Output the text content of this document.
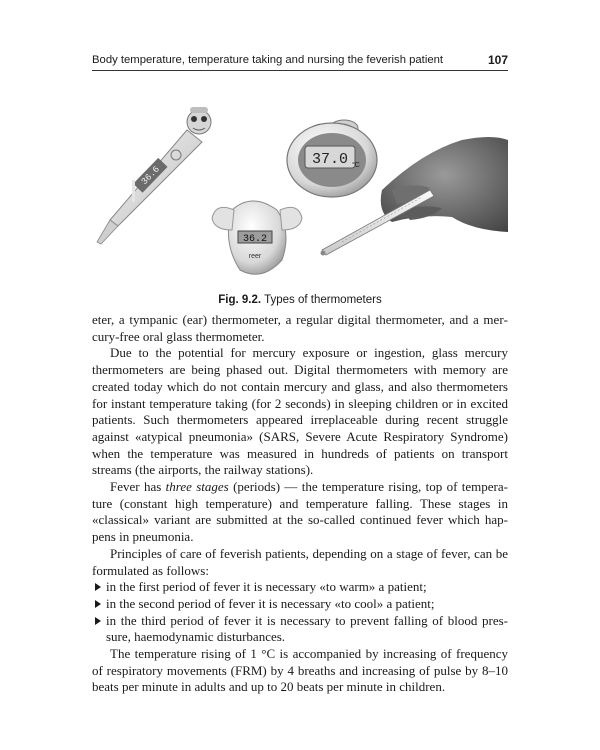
Body temperature, temperature taking and nursing the feverish patient	107
36.6
37.0 °C
36.2
reer
Fig. 9.2. Types of thermometers

eter, a tympanic (ear) thermometer, a regular digital thermometer, and a mercury-free oral glass thermometer.

Due to the potential for mercury exposure or ingestion, glass mercury thermometers are being phased out. Digital thermometers with memory are created today which do not contain mercury and glass, and also thermometers for instant temperature taking (for 2 seconds) in sleeping children or in excited patients. Such thermometers appeared irreplaceable during recent struggle against «atypical pneumonia» (SARS, Severe Acute Respiratory Syndrome) when the temperature was measured in hundreds of patients on transport streams (the airports, the railway stations).

Fever has three stages (periods) — the temperature rising, top of temperature (constant high temperature) and temperature falling. These stages in «classical» variant are submitted at the so-called continued fever which happens in pneumonia.

Principles of care of feverish patients, depending on a stage of fever, can be formulated as follows:

in the first period of fever it is necessary «to warm» a patient;
in the second period of fever it is necessary «to cool» a patient;
in the third period of fever it is necessary to prevent falling of blood pressure, haemodynamic disturbances.

The temperature rising of 1 °C is accompanied by increasing of frequency of respiratory movements (FRM) by 4 breaths and increasing of pulse by 8–10 beats per minute in adults and up to 20 beats per minute in children.
